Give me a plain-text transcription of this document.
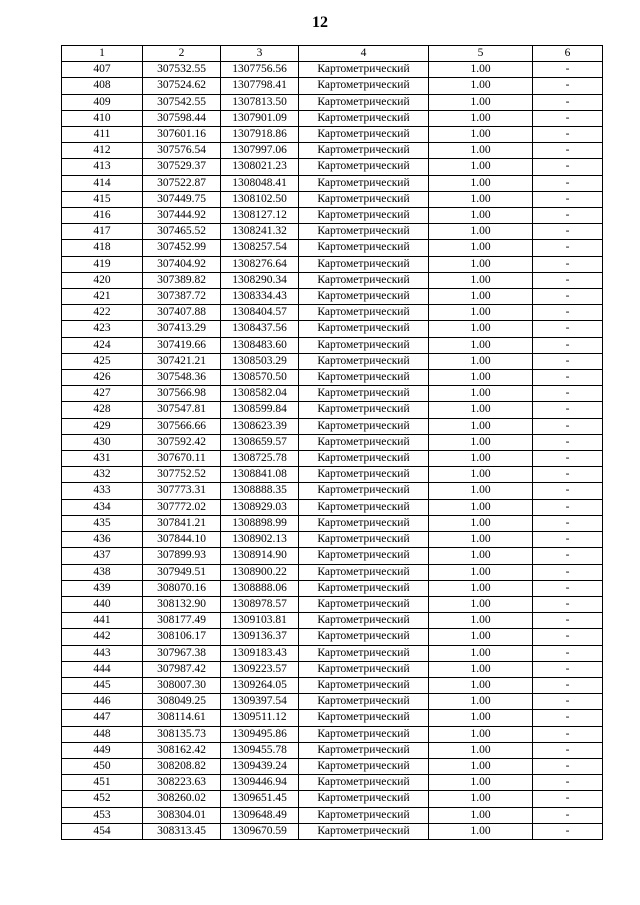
12
1	2	3	4	5	6
407	307532.55	1307756.56	Картометрический	1.00	-
408	307524.62	1307798.41	Картометрический	1.00	-
409	307542.55	1307813.50	Картометрический	1.00	-
410	307598.44	1307901.09	Картометрический	1.00	-
411	307601.16	1307918.86	Картометрический	1.00	-
412	307576.54	1307997.06	Картометрический	1.00	-
413	307529.37	1308021.23	Картометрический	1.00	-
414	307522.87	1308048.41	Картометрический	1.00	-
415	307449.75	1308102.50	Картометрический	1.00	-
416	307444.92	1308127.12	Картометрический	1.00	-
417	307465.52	1308241.32	Картометрический	1.00	-
418	307452.99	1308257.54	Картометрический	1.00	-
419	307404.92	1308276.64	Картометрический	1.00	-
420	307389.82	1308290.34	Картометрический	1.00	-
421	307387.72	1308334.43	Картометрический	1.00	-
422	307407.88	1308404.57	Картометрический	1.00	-
423	307413.29	1308437.56	Картометрический	1.00	-
424	307419.66	1308483.60	Картометрический	1.00	-
425	307421.21	1308503.29	Картометрический	1.00	-
426	307548.36	1308570.50	Картометрический	1.00	-
427	307566.98	1308582.04	Картометрический	1.00	-
428	307547.81	1308599.84	Картометрический	1.00	-
429	307566.66	1308623.39	Картометрический	1.00	-
430	307592.42	1308659.57	Картометрический	1.00	-
431	307670.11	1308725.78	Картометрический	1.00	-
432	307752.52	1308841.08	Картометрический	1.00	-
433	307773.31	1308888.35	Картометрический	1.00	-
434	307772.02	1308929.03	Картометрический	1.00	-
435	307841.21	1308898.99	Картометрический	1.00	-
436	307844.10	1308902.13	Картометрический	1.00	-
437	307899.93	1308914.90	Картометрический	1.00	-
438	307949.51	1308900.22	Картометрический	1.00	-
439	308070.16	1308888.06	Картометрический	1.00	-
440	308132.90	1308978.57	Картометрический	1.00	-
441	308177.49	1309103.81	Картометрический	1.00	-
442	308106.17	1309136.37	Картометрический	1.00	-
443	307967.38	1309183.43	Картометрический	1.00	-
444	307987.42	1309223.57	Картометрический	1.00	-
445	308007.30	1309264.05	Картометрический	1.00	-
446	308049.25	1309397.54	Картометрический	1.00	-
447	308114.61	1309511.12	Картометрический	1.00	-
448	308135.73	1309495.86	Картометрический	1.00	-
449	308162.42	1309455.78	Картометрический	1.00	-
450	308208.82	1309439.24	Картометрический	1.00	-
451	308223.63	1309446.94	Картометрический	1.00	-
452	308260.02	1309651.45	Картометрический	1.00	-
453	308304.01	1309648.49	Картометрический	1.00	-
454	308313.45	1309670.59	Картометрический	1.00	-
